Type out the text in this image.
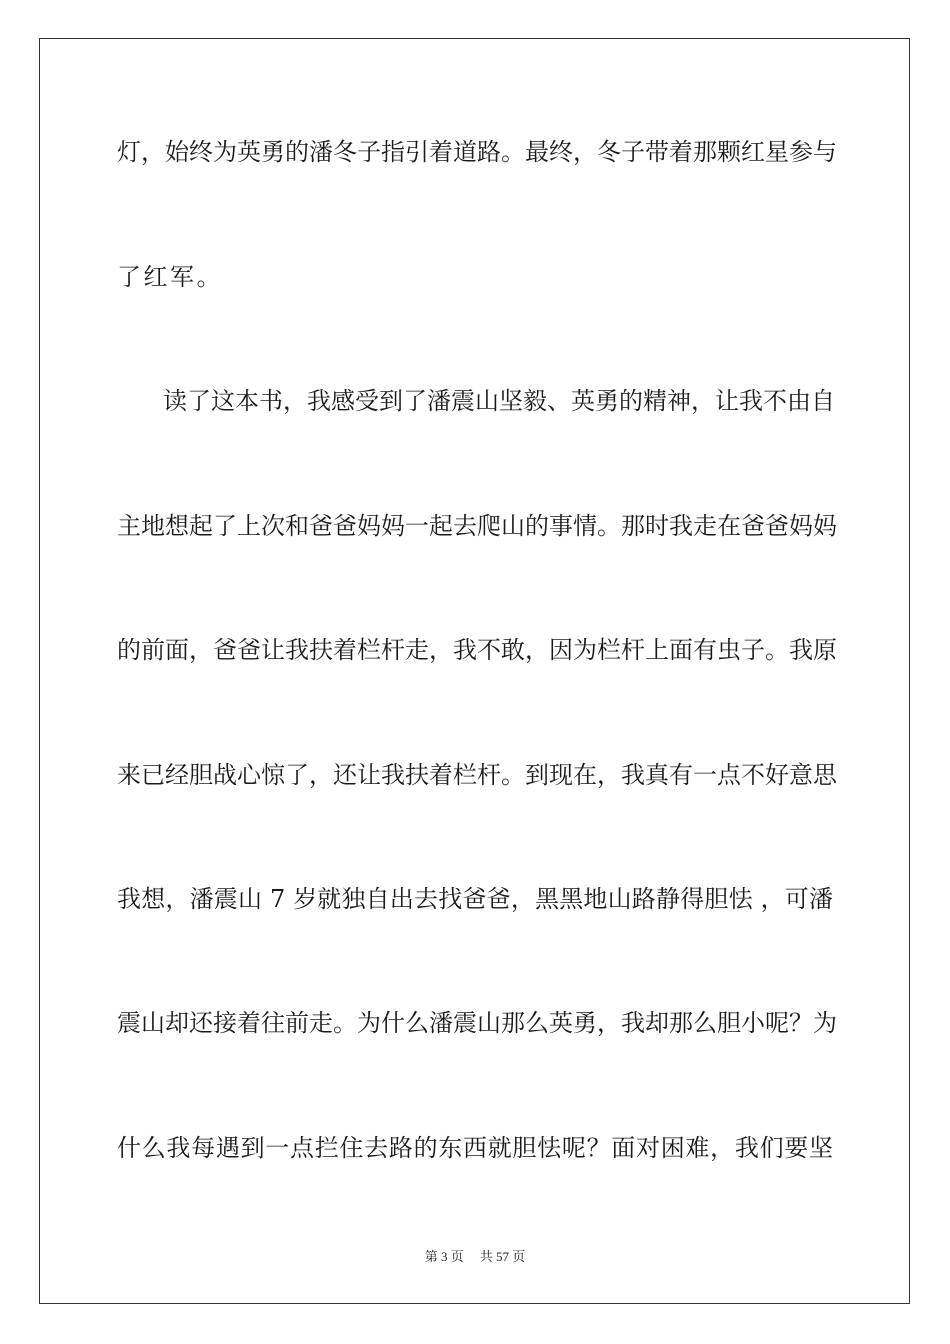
灯，始终为英勇的潘冬子指引着道路。最终，冬子带着那颗红星参与
了红军。
读了这本书，我感受到了潘震山坚毅、英勇的精神，让我不由自
主地想起了上次和爸爸妈妈一起去爬山的事情。那时我走在爸爸妈妈
的前面，爸爸让我扶着栏杆走，我不敢，因为栏杆上面有虫子。我原
来已经胆战心惊了，还让我扶着栏杆。到现在，我真有一点不好意思
我想，潘震山 7 岁就独自出去找爸爸，黑黑地山路静得胆怯 ，可潘
震山却还接着往前走。为什么潘震山那么英勇，我却那么胆小呢？为
什么我每遇到一点拦住去路的东西就胆怯呢？面对困难，我们要坚
第 3 页 共 57 页
